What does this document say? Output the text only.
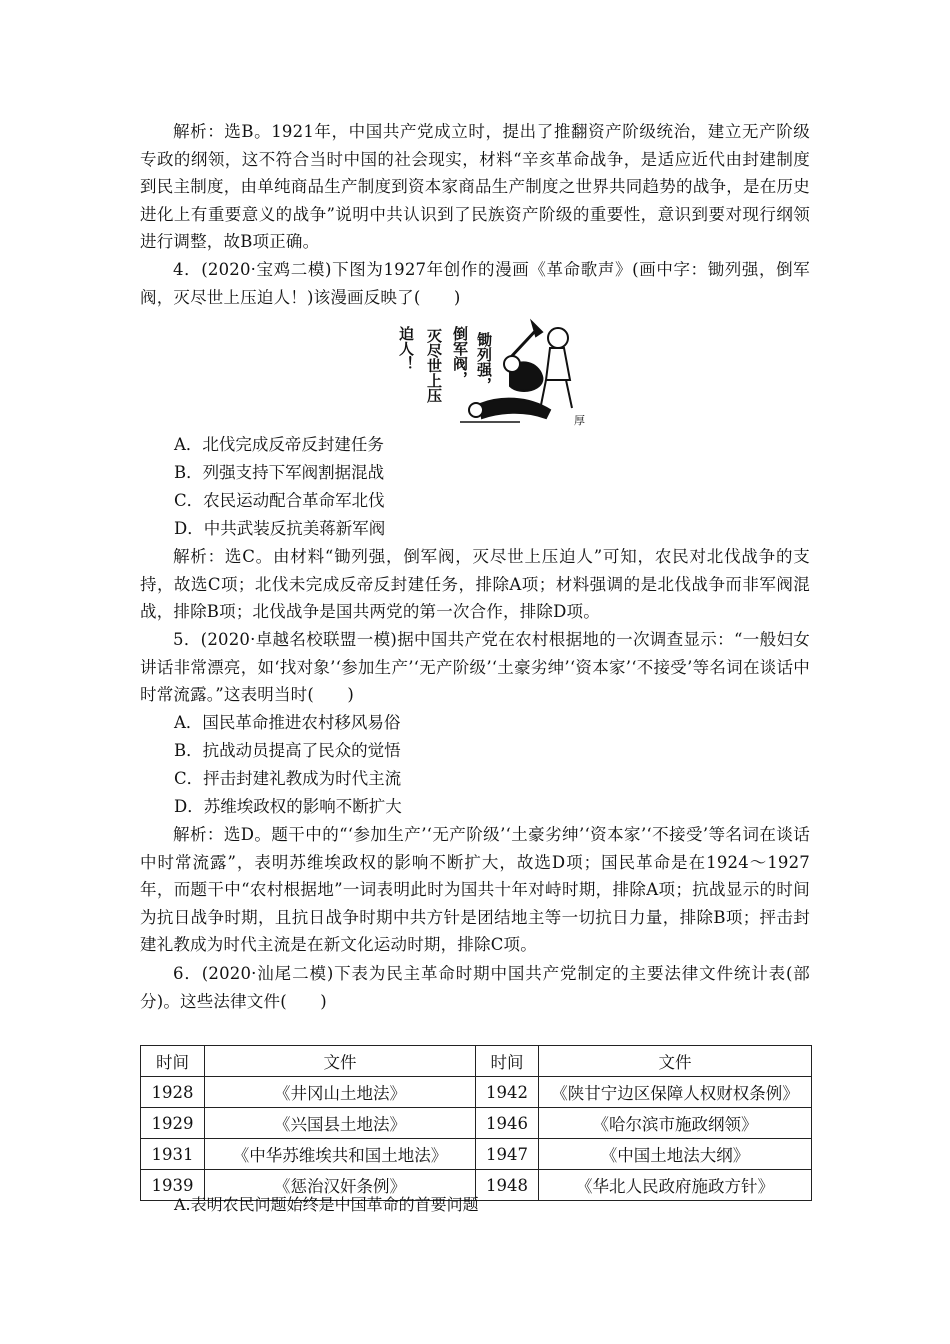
解析：选B。1921年，中国共产党成立时，提出了推翻资产阶级统治，建立无产阶级专政的纲领，这不符合当时中国的社会现实，材料“辛亥革命战争，是适应近代由封建制度到民主制度，由单纯商品生产制度到资本家商品生产制度之世界共同趋势的战争，是在历史进化上有重要意义的战争”说明中共认识到了民族资产阶级的重要性，意识到要对现行纲领进行调整，故B项正确。
4．(2020·宝鸡二模)下图为1927年创作的漫画《革命歌声》(画中字：锄列强，倒军阀，灭尽世上压迫人！)该漫画反映了(　　)
锄列强，
倒军阀，
灭尽世上压
迫人！
厚
A．北伐完成反帝反封建任务
B．列强支持下军阀割据混战
C．农民运动配合革命军北伐
D．中共武装反抗美蒋新军阀
解析：选C。由材料“锄列强，倒军阀，灭尽世上压迫人”可知，农民对北伐战争的支持，故选C项；北伐未完成反帝反封建任务，排除A项；材料强调的是北伐战争而非军阀混战，排除B项；北伐战争是国共两党的第一次合作，排除D项。
5．(2020·卓越名校联盟一模)据中国共产党在农村根据地的一次调查显示：“一般妇女讲话非常漂亮，如‘找对象’‘参加生产’‘无产阶级’‘土豪劣绅’‘资本家’‘不接受’等名词在谈话中时常流露。”这表明当时(　　)
A．国民革命推进农村移风易俗
B．抗战动员提高了民众的觉悟
C．抨击封建礼教成为时代主流
D．苏维埃政权的影响不断扩大
解析：选D。题干中的“‘参加生产’‘无产阶级’‘土豪劣绅’‘资本家’‘不接受’等名词在谈话中时常流露”，表明苏维埃政权的影响不断扩大，故选D项；国民革命是在1924～1927年，而题干中“农村根据地”一词表明此时为国共十年对峙时期，排除A项；抗战显示的时间为抗日战争时期，且抗日战争时期中共方针是团结地主等一切抗日力量，排除B项；抨击封建礼教成为时代主流是在新文化运动时期，排除C项。
6．(2020·汕尾二模)下表为民主革命时期中国共产党制定的主要法律文件统计表(部分)。这些法律文件(　　)
时间	文件	时间	文件
1928	《井冈山土地法》	1942	《陕甘宁边区保障人权财权条例》
1929	《兴国县土地法》	1946	《哈尔滨市施政纲领》
1931	《中华苏维埃共和国土地法》	1947	《中国土地法大纲》
1939	《惩治汉奸条例》	1948	《华北人民政府施政方针》
A.表明农民问题始终是中国革命的首要问题
